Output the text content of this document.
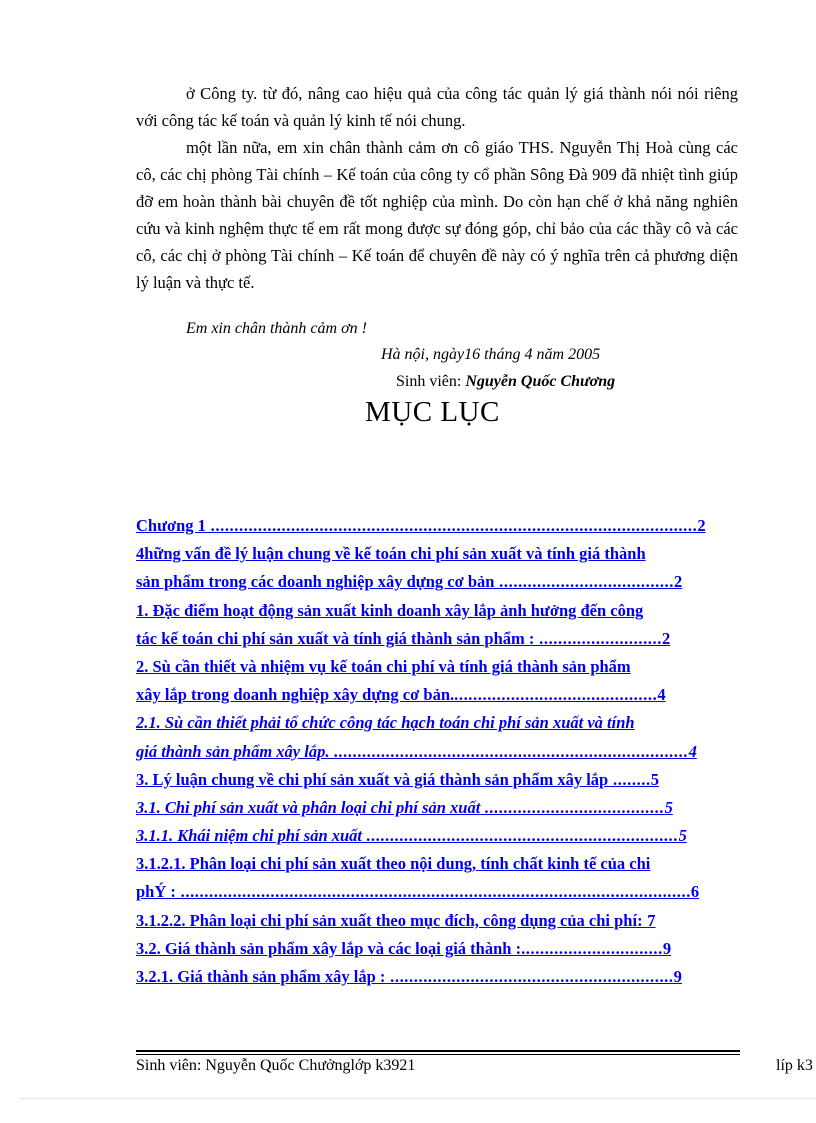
ở Công ty. từ đó, nâng cao hiệu quả của công tác quản lý giá thành nói nói riêng với công tác kế toán và quản lý kinh tế nói chung.

một lần nữa, em xin chân thành cảm ơn cô giáo THS. Nguyễn Thị Hoà cùng các cô, các chị phòng Tài chính – Kế toán của công ty cổ phần Sông Đà 909 đã nhiệt tình giúp đỡ em hoàn thành bài chuyên đề tốt nghiệp của mình. Do còn hạn chế ở khả năng nghiên cứu và kinh nghệm thực tế em rất mong được sự đóng góp, chỉ bảo của các thầy cô và các cô, các chị ở phòng Tài chính – Kế toán để chuyên đề này có ý nghĩa trên cả phương diện lý luận và thực tế.

Em xin chân thành cảm ơn !

Hà nội, ngày16 tháng 4 năm 2005

Sinh viên: Nguyễn Quốc Chương

MỤC LỤC
Chương 1 .......................................................................................................2
4hững vấn đề lý luận chung về kế toán chi phí sản xuất và tính giá thành
sản phẩm trong các doanh nghiệp xây dựng cơ bản .....................................2
1. Đặc điểm hoạt động sản xuất kinh doanh xây lắp ảnh hưởng đến công
tác kế toán chi phí sản xuất và tính giá thành sản phẩm : ..........................2
2. Sù cần thiết và nhiệm vụ kế toán chi phí và tính giá thành sản phẩm
xây lắp trong doanh nghiệp xây dựng cơ bản............................................4
2.1. Sù cần thiết phải tổ chức công tác hạch toán chi phí sản xuất và tính
giá thành sản phẩm xây lắp. ...........................................................................4
3. Lý luận chung về chi phí sản xuất và giá thành sản phẩm xây lắp ........5
3.1. Chi phí sản xuất và phân loại chi phí sản xuất ......................................5
3.1.1. Khái niệm chi phí sản xuất ..................................................................5
3.1.2.1. Phân loại chi phí sản xuất theo nội dung, tính chất kinh tế của chi
phÝ : ............................................................................................................6
3.1.2.2. Phân loại chi phí sản xuất theo mục đích, công dụng của chi phí: 7
3.2. Giá thành sản phẩm xây lắp và các loại giá thành :..............................9
3.2.1. Giá thành sản phẩm xây lắp : ............................................................9

Sinh viên: Nguyễn Quốc Chưởnglớp k3921	líp k3
